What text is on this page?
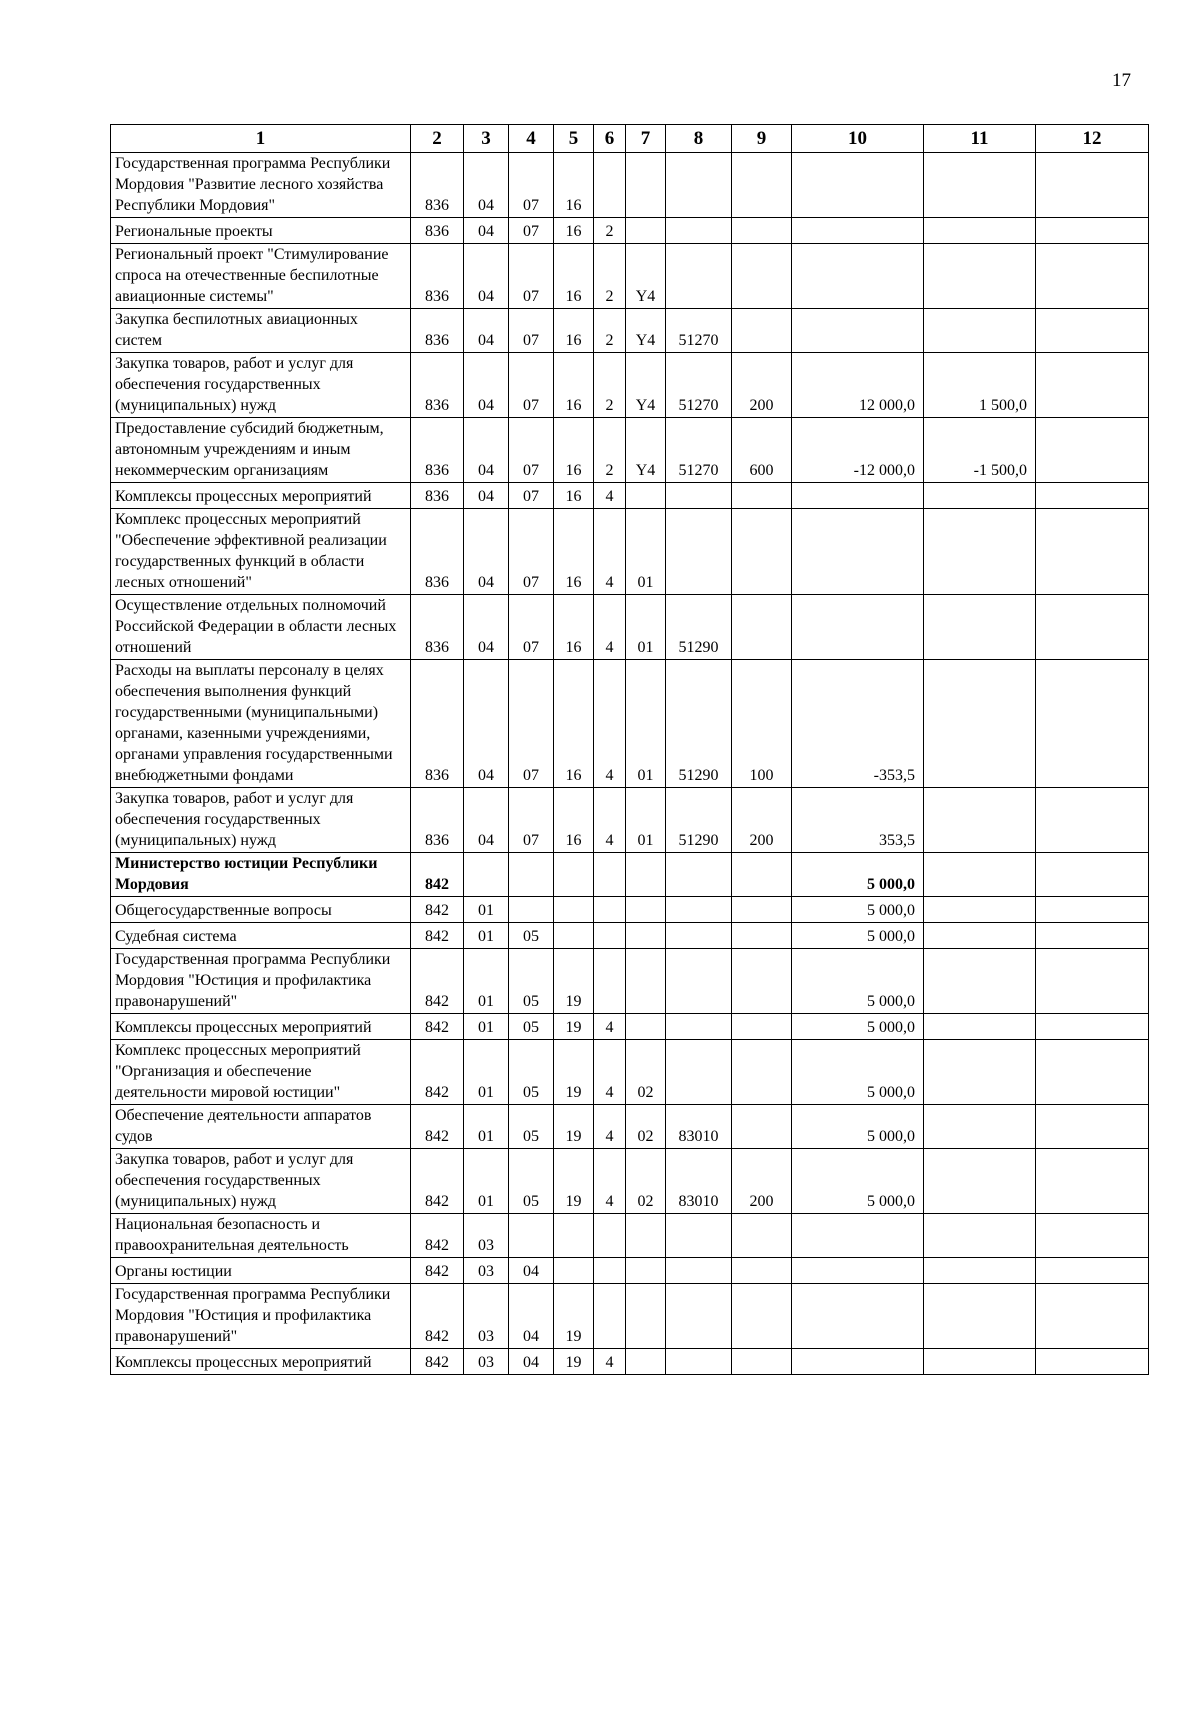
17
1	2	3	4	5	6	7	8	9	10	11	12
Государственная программа Республики Мордовия "Развитие лесного хозяйства Республики Мордовия"	836	04	07	16							
Региональные проекты	836	04	07	16	2						
Региональный проект "Стимулирование спроса на отечественные беспилотные авиационные системы"	836	04	07	16	2	Y4					
Закупка беспилотных авиационных систем	836	04	07	16	2	Y4	51270				
Закупка товаров, работ и услуг для обеспечения государственных (муниципальных) нужд	836	04	07	16	2	Y4	51270	200	12 000,0	1 500,0	
Предоставление субсидий бюджетным, автономным учреждениям и иным некоммерческим организациям	836	04	07	16	2	Y4	51270	600	-12 000,0	-1 500,0	
Комплексы процессных мероприятий	836	04	07	16	4						
Комплекс процессных мероприятий "Обеспечение эффективной реализации государственных функций в области лесных отношений"	836	04	07	16	4	01					
Осуществление отдельных полномочий Российской Федерации в области лесных отношений	836	04	07	16	4	01	51290				
Расходы на выплаты персоналу в целях обеспечения выполнения функций государственными (муниципальными) органами, казенными учреждениями, органами управления государственными внебюджетными фондами	836	04	07	16	4	01	51290	100	-353,5		
Закупка товаров, работ и услуг для обеспечения государственных (муниципальных) нужд	836	04	07	16	4	01	51290	200	353,5		
Министерство юстиции Республики Мордовия	842								5 000,0		
Общегосударственные вопросы	842	01							5 000,0		
Судебная система	842	01	05						5 000,0		
Государственная программа Республики Мордовия "Юстиция и профилактика правонарушений"	842	01	05	19					5 000,0		
Комплексы процессных мероприятий	842	01	05	19	4				5 000,0		
Комплекс процессных мероприятий "Организация и обеспечение деятельности мировой юстиции"	842	01	05	19	4	02			5 000,0		
Обеспечение деятельности аппаратов судов	842	01	05	19	4	02	83010		5 000,0		
Закупка товаров, работ и услуг для обеспечения государственных (муниципальных) нужд	842	01	05	19	4	02	83010	200	5 000,0		
Национальная безопасность и правоохранительная деятельность	842	03									
Органы юстиции	842	03	04								
Государственная программа Республики Мордовия "Юстиция и профилактика правонарушений"	842	03	04	19							
Комплексы процессных мероприятий	842	03	04	19	4						
